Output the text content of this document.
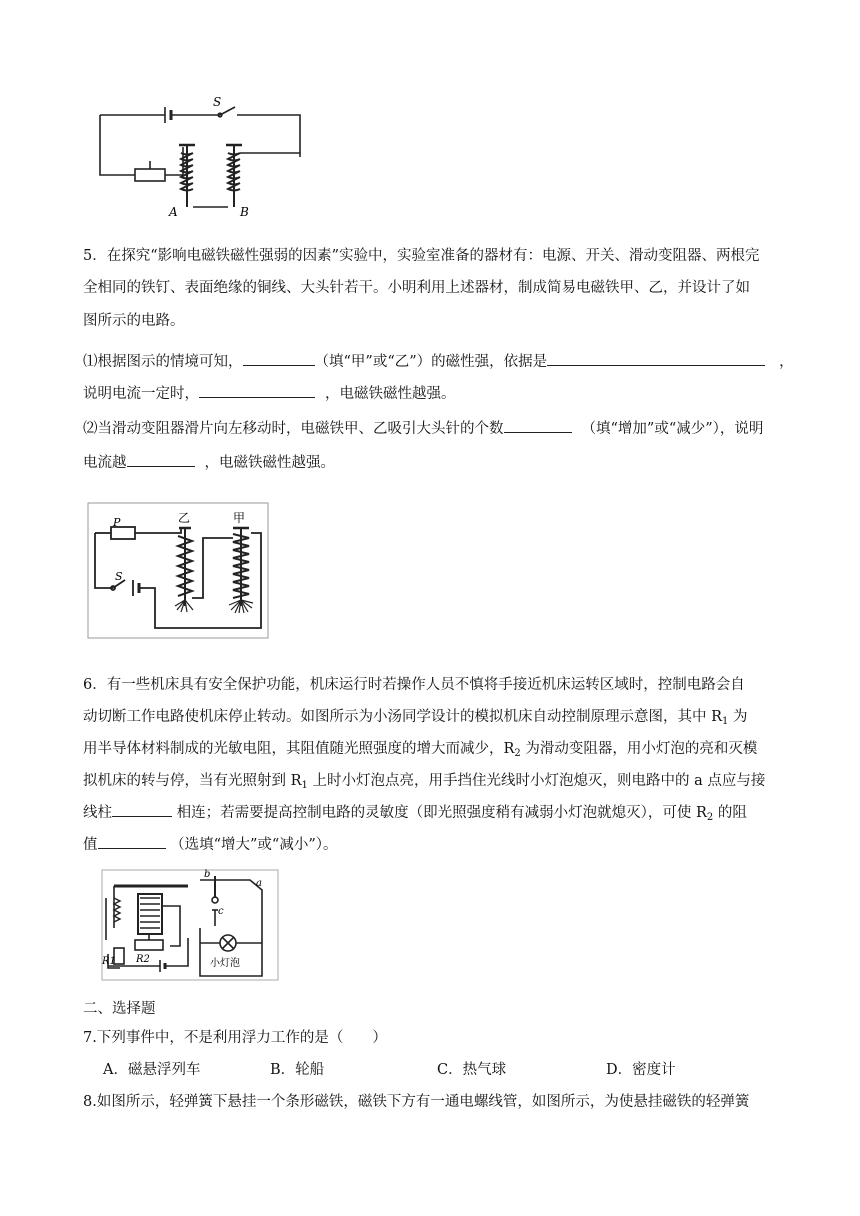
S
A	B
5．在探究“影响电磁铁磁性强弱的因素”实验中，实验室准备的器材有：电源、开关、滑动变阻器、两根完
全相同的铁钉、表面绝缘的铜线、大头针若干。小明利用上述器材，制成简易电磁铁甲、乙，并设计了如
图所示的电路。
⑴根据图示的情境可知，	（填“甲”或“乙”）的磁性强，依据是	，
说明电流一定时，	，电磁铁磁性越强。
⑵当滑动变阻器滑片向左移动时，电磁铁甲、乙吸引大头针的个数	（填“增加”或“减少”），说明
电流越	，电磁铁磁性越强。
P
S
乙	甲
6．有一些机床具有安全保护功能，机床运行时若操作人员不慎将手接近机床运转区域时，控制电路会自
动切断工作电路使机床停止转动。如图所示为小汤同学设计的模拟机床自动控制原理示意图，其中 $R_1$ 为
用半导体材料制成的光敏电阻，其阻值随光照强度的增大而减少，$R_2$ 为滑动变阻器，用小灯泡的亮和灭模
拟机床的转与停，当有光照射到 $R_1$ 上时小灯泡点亮，用手挡住光线时小灯泡熄灭，则电路中的 a 点应与接
线柱	相连；若需要提高控制电路的灵敏度（即光照强度稍有减弱小灯泡就熄灭），可使 $R_2$ 的阻
值	（选填“增大”或“减小”）。
b
a
c
R1 R2	小灯泡
二、选择题
7.下列事件中，不是利用浮力工作的是（　　）
A．磁悬浮列车	B．轮船	C．热气球	D．密度计
8.如图所示，轻弹簧下悬挂一个条形磁铁，磁铁下方有一通电螺线管，如图所示，为使悬挂磁铁的轻弹簧
